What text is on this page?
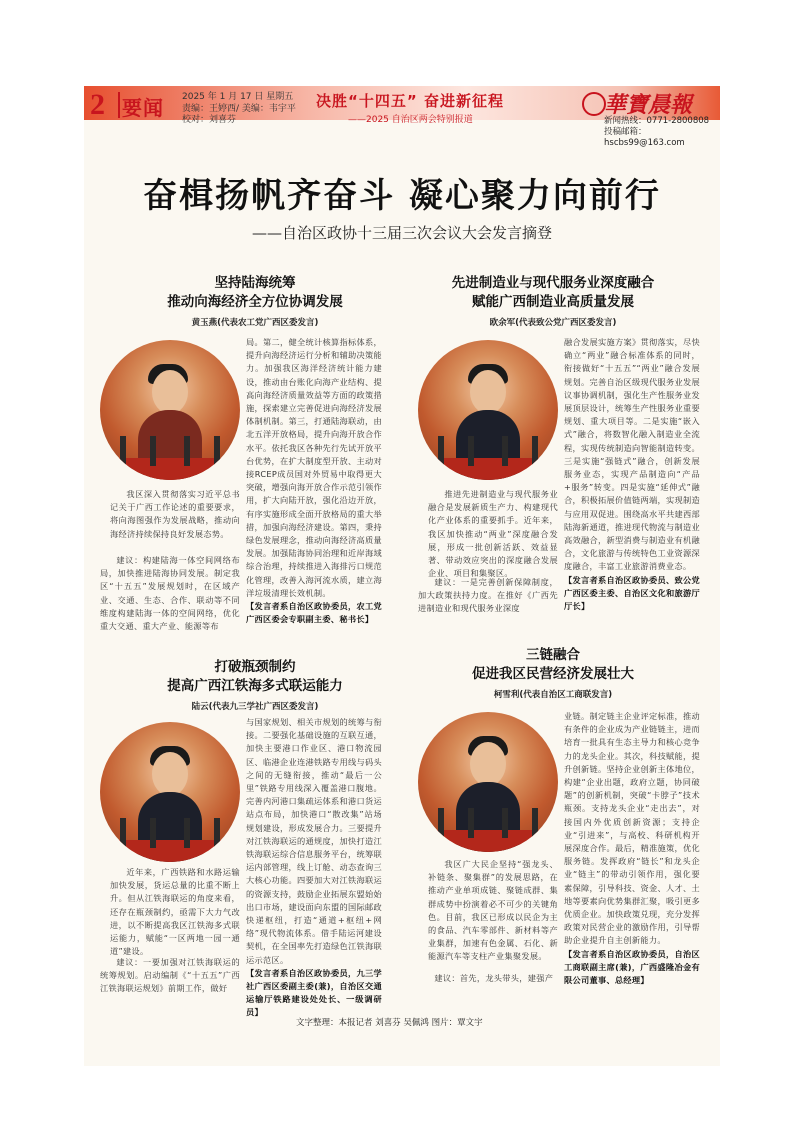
2 要闻 2025 年 1 月 17 日 星期五
责编：王婷西/ 美编：韦宇平
校对：刘喜芬
决胜“十四五” 奋进新征程
——2025 自治区两会特别报道
華寶晨報
新闻热线：0771-2800808
投稿邮箱：hscbs99@163.com
奋楫扬帆齐奋斗 凝心聚力向前行
——自治区政协十三届三次会议大会发言摘登
坚持陆海统筹
推动向海经济全方位协调发展
黄玉燕(代表农工党广西区委发言)

我区深入贯彻落实习近平总书记关于广西工作论述的重要要求，将向海图强作为发展战略，推动向海经济持续保持良好发展态势。

建议：构建陆海一体空间网络布局，加快推进陆海协同发展。制定我区“十五五”发展规划时，在区域产业、交通、生态、合作、联动等不同维度构建陆海一体的空间网络，优化重大交通、重大产业、能源等布

局。第二，健全统计核算指标体系，提升向海经济运行分析和辅助决策能力。加强我区海洋经济统计能力建设，推动由台账化向海产业结构、提高向海经济质量效益等方面的政策措施，探索建立完善促进向海经济发展体制机制。第三，打通陆海联动，由北五洋开放格局，提升向海开放合作水平。依托我区各种先行先试开放平台优势，在扩大制度型开放、主动对接RCEP成员国对外贸易中取得更大突破，增强向海开放合作示范引领作用，扩大向陆开放，强化沿边开放，有序实施形成全面开放格局的重大举措，加强向海经济建设。第四，秉持绿色发展理念，推动向海经济高质量发展。加强陆海协同治理和近岸海域综合治理，持续推进入海排污口规范化管理，改善入海河流水质，建立海洋垃圾清理长效机制。
【发言者系自治区政协委员，农工党广西区委会专职副主委、秘书长】
先进制造业与现代服务业深度融合
赋能广西制造业高质量发展
欧余军(代表致公党广西区委发言)

推进先进制造业与现代服务业融合是发展新质生产力、构建现代化产业体系的重要抓手。近年来，我区加快推动“两业”深度融合发展，形成一批创新活跃、效益显著、带动效应突出的深度融合发展企业、项目和集聚区。

建议：一是完善创新保障制度，加大政策扶持力度。在推好《广西先进制造业和现代服务业深度

融合发展实施方案》贯彻落实，尽快确立“两业”融合标准体系的同时，衔接做好“十五五”“两业”融合发展规划。完善自治区级现代服务业发展议事协调机制，强化生产性服务业发展顶层设计，统筹生产性服务业重要规划、重大项目等。二是实施“嵌入式”融合，将数智化融入制造业全流程，实现传统制造向智能制造转变。三是实施“强链式”融合，创新发展服务业态，实现产品制造向“产品+服务”转变。四是实施“延伸式”融合，积极拓展价值链两端，实现制造与应用双促进。围绕高水平共建西部陆海新通道，推进现代物流与制造业高效融合，新型消费与制造业有机融合，文化旅游与传统特色工业资源深度融合，丰富工业旅游消费业态。
【发言者系自治区政协委员、致公党广西区委主委、自治区文化和旅游厅厅长】
打破瓶颈制约
提高广西江铁海多式联运能力
陆云(代表九三学社广西区委发言)

近年来，广西铁路和水路运输加快发展，货运总量的比重不断上升。但从江铁海联运的角度来看，还存在瓶颈制约，亟需下大力气改进，以不断提高我区江铁海多式联运能力，赋能“一区两地一园一通道”建设。

建议：一要加强对江铁海联运的统筹规划。启动编制《“十五五”广西江铁海联运规划》前期工作，做好

与国家规划、相关市规划的统筹与衔接。二要强化基础设施的互联互通，加快主要港口作业区、港口物流园区、临港企业连港铁路专用线与码头之间的无缝衔接，推动“最后一公里”铁路专用线深入覆盖港口腹地。完善内河港口集疏运体系和港口货运站点布局，加快港口“散改集”站场规划建设，形成发展合力。三要提升对江铁海联运的通规度，加快打造江铁海联运综合信息服务平台，统筹联运内部管理，线上订舱、动态查询三大核心功能。四要加大对江铁海联运的资源支持，鼓励企业拓展东盟始始出口市场，建设面向东盟的国际邮政快递枢纽，打造“通道+枢纽+网络”现代物流体系。借手陆运河建设契机，在全国率先打造绿色江铁海联运示范区。
【发言者系自治区政协委员，九三学社广西区委副主委(兼)，自治区交通运输厅铁路建设处处长、一级调研员】
三链融合
促进我区民营经济发展壮大
柯雪利(代表自治区工商联发言)

我区广大民企坚持“强龙头、补链条、聚集群”的发展思路，在推动产业单项成链、聚链成群、集群成势中扮演着必不可少的关键角色。目前，我区已形成以民企为主的食品、汽车零部件、新材料等产业集群，加速有色金属、石化、新能源汽车等支柱产业集聚发展。

建议：首先，龙头带头，建强产

业链。制定链主企业评定标准，推动有条件的企业成为产业链链主，进而培育一批具有生态主导力和核心竞争力的龙头企业。其次，科技赋能，提升创新链。坚持企业创新主体地位，构建“企业出题，政府立题，协同破题”的创新机制，突破“卡脖子”技术瓶颈。支持龙头企业“走出去”，对接国内外优质创新资源；支持企业“引进来”，与高校、科研机构开展深度合作。最后，精准施策，优化服务链。发挥政府“链长”和龙头企业“链主”的带动引领作用，强化要素保障，引导科技、资金、人才、土地等要素向优势集群汇聚，吸引更多优质企业。加快政策兑现，充分发挥政策对民营企业的激励作用，引导帮助企业提升自主创新能力。
【发言者系自治区政协委员，自治区工商联副主席(兼)，广西盛隆冶金有限公司董事、总经理】
文字整理：本报记者 刘喜芬 吴佩鸿 图片：覃文宇
